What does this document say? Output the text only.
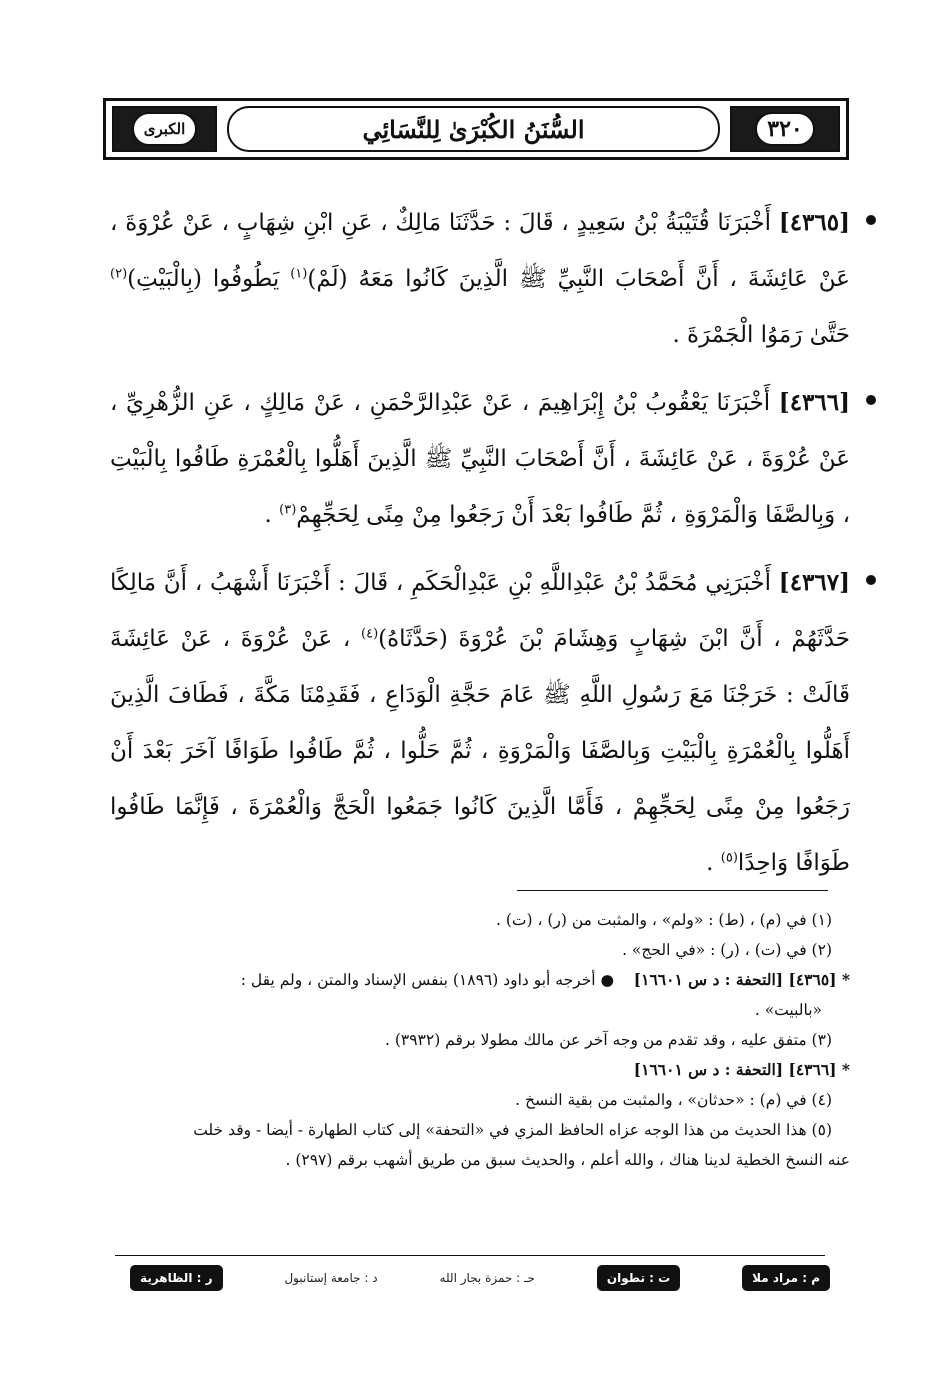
الكبرى	السُّنَنُ الكُبْرَىٰ لِلنَّسَائِي	٣٢٠
[٤٣٦٥] أَخْبَرَنَا قُتَيْبَةُ بْنُ سَعِيدٍ ، قَالَ : حَدَّثَنَا مَالِكٌ ، عَنِ ابْنِ شِهَابٍ ، عَنْ عُرْوَةَ ، عَنْ عَائِشَةَ ، أَنَّ أَصْحَابَ النَّبِيِّ ﷺ الَّذِينَ كَانُوا مَعَهُ (لَمْ)$^{(١)}$ يَطُوفُوا (بِالْبَيْتِ)$^{(٢)}$ حَتَّىٰ رَمَوُا الْجَمْرَةَ .
[٤٣٦٦] أَخْبَرَنَا يَعْقُوبُ بْنُ إِبْرَاهِيمَ ، عَنْ عَبْدِالرَّحْمَنِ ، عَنْ مَالِكٍ ، عَنِ الزُّهْرِيِّ ، عَنْ عُرْوَةَ ، عَنْ عَائِشَةَ ، أَنَّ أَصْحَابَ النَّبِيِّ ﷺ الَّذِينَ أَهَلُّوا بِالْعُمْرَةِ طَافُوا بِالْبَيْتِ ، وَبِالصَّفَا وَالْمَرْوَةِ ، ثُمَّ طَافُوا بَعْدَ أَنْ رَجَعُوا مِنْ مِنًى لِحَجِّهِمْ$^{(٣)}$ .
[٤٣٦٧] أَخْبَرَنِي مُحَمَّدُ بْنُ عَبْدِاللَّهِ بْنِ عَبْدِالْحَكَمِ ، قَالَ : أَخْبَرَنَا أَشْهَبُ ، أَنَّ مَالِكًا حَدَّثَهُمْ ، أَنَّ ابْنَ شِهَابٍ وَهِشَامَ بْنَ عُرْوَةَ (حَدَّثَاهُ)$^{(٤)}$ ، عَنْ عُرْوَةَ ، عَنْ عَائِشَةَ قَالَتْ : خَرَجْنَا مَعَ رَسُولِ اللَّهِ ﷺ عَامَ حَجَّةِ الْوَدَاعِ ، فَقَدِمْنَا مَكَّةَ ، فَطَافَ الَّذِينَ أَهَلُّوا بِالْعُمْرَةِ بِالْبَيْتِ وَبِالصَّفَا وَالْمَرْوَةِ ، ثُمَّ حَلُّوا ، ثُمَّ طَافُوا طَوَافًا آخَرَ بَعْدَ أَنْ رَجَعُوا مِنْ مِنًى لِحَجِّهِمْ ، فَأَمَّا الَّذِينَ كَانُوا جَمَعُوا الْحَجَّ وَالْعُمْرَةَ ، فَإِنَّمَا طَافُوا طَوَافًا وَاحِدًا$^{(٥)}$ .
(١) في (م) ، (ط) : «ولم» ، والمثبت من (ر) ، (ت) .
(٢) في (ت) ، (ر) : «في الحج» .
* [٤٣٦٥] [التحفة : د س ١٦٦٠١]    ● أخرجه أبو داود (١٨٩٦) بنفس الإسناد والمتن ، ولم يقل :
«بالبيت» .
(٣) متفق عليه ، وقد تقدم من وجه آخر عن مالك مطولا برقم (٣٩٣٢) .
* [٤٣٦٦] [التحفة : د س ١٦٦٠١]
(٤) في (م) : «حدثان» ، والمثبت من بقية النسخ .
(٥) هذا الحديث من هذا الوجه عزاه الحافظ المزي في «التحفة» إلى كتاب الطهارة - أيضا - وقد خلت
عنه النسخ الخطية لدينا هناك ، والله أعلم ، والحديث سبق من طريق أشهب برقم (٢٩٧) .
م : مراد ملا
ت : تطوان
حـ : حمزة بجار الله
د : جامعة إستانبول
ر : الظاهرية
